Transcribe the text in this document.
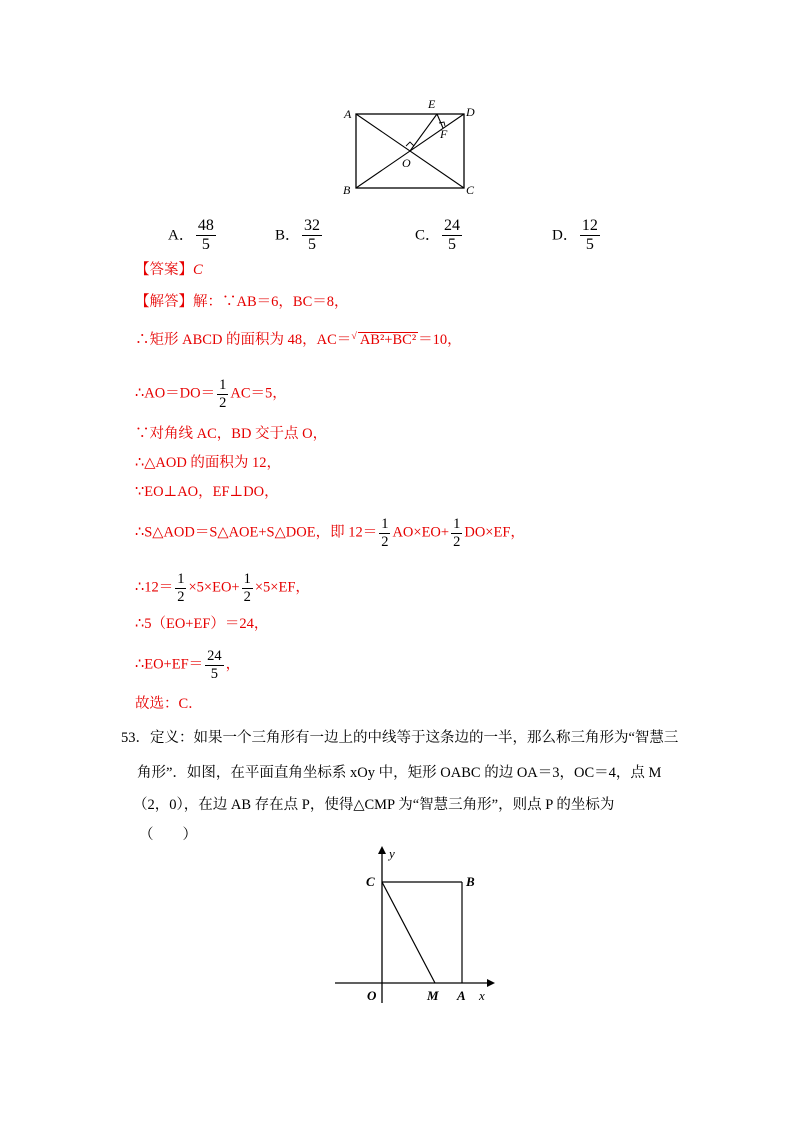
A
B	C
D
E
F
O
A． $\frac{48}{5}$	B． $\frac{32}{5}$	C． $\frac{24}{5}$	D． $\frac{12}{5}$
【答案】C
【解答】解：∵AB＝6，BC＝8，
∴矩形 ABCD 的面积为 48，AC＝√ AB²+BC² ＝10，
∴AO＝DO＝ $\frac{1}{2} AC=5$，
∵对角线 AC，BD 交于点 O，
∴△AOD 的面积为 12，
∵EO⊥AO，EF⊥DO，
∴S△AOD＝S△AOE+S△DOE，即 $12= \frac{1}{2} AO\times EO+ \frac{1}{2} DO\times EF$，
∴12＝ $\frac{1}{2} \times 5\times EO+ \frac{1}{2} \times 5\times EF$，
∴5（EO+EF）＝24，
∴EO+EF＝ $\frac{24}{5}$ ，
故选：C．
53．定义：如果一个三角形有一边上的中线等于这条边的一半，那么称三角形为“智慧三
角形”．如图，在平面直角坐标系 xOy 中，矩形 OABC 的边 OA＝3，OC＝4，点 M
（2，0），在边 AB 存在点 P，使得△CMP 为“智慧三角形”，则点 P 的坐标为
（　　）
y
x
C	B
O	M A
